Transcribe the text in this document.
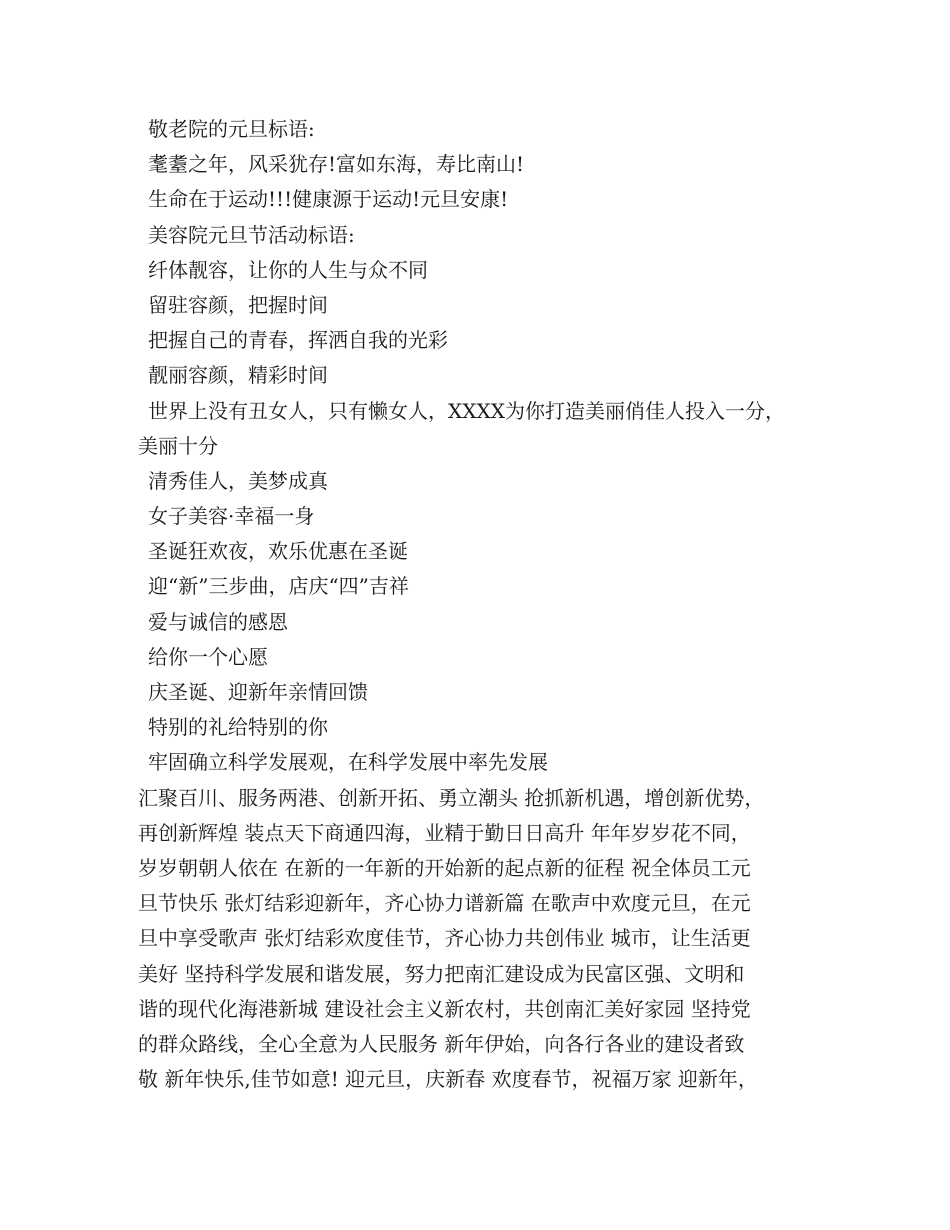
敬老院的元旦标语:
耄耋之年，风采犹存!富如东海，寿比南山!
生命在于运动!!!健康源于运动!元旦安康!
美容院元旦节活动标语:
纤体靓容，让你的人生与众不同
留驻容颜，把握时间
把握自己的青春，挥洒自我的光彩
靓丽容颜，精彩时间
世界上没有丑女人，只有懒女人，XXXX为你打造美丽俏佳人投入一分，
美丽十分
清秀佳人，美梦成真
女子美容·幸福一身
圣诞狂欢夜，欢乐优惠在圣诞
迎“新”三步曲，店庆“四”吉祥
爱与诚信的感恩
给你一个心愿
庆圣诞、迎新年亲情回馈
特别的礼给特别的你
牢固确立科学发展观，在科学发展中率先发展
汇聚百川、服务两港、创新开拓、勇立潮头 抢抓新机遇，增创新优势，
再创新辉煌 装点天下商通四海，业精于勤日日高升 年年岁岁花不同，
岁岁朝朝人依在 在新的一年新的开始新的起点新的征程 祝全体员工元
旦节快乐 张灯结彩迎新年，齐心协力谱新篇 在歌声中欢度元旦，在元
旦中享受歌声 张灯结彩欢度佳节，齐心协力共创伟业 城市，让生活更
美好 坚持科学发展和谐发展，努力把南汇建设成为民富区强、文明和
谐的现代化海港新城 建设社会主义新农村，共创南汇美好家园 坚持党
的群众路线，全心全意为人民服务 新年伊始，向各行各业的建设者致
敬 新年快乐,佳节如意! 迎元旦，庆新春 欢度春节，祝福万家 迎新年，
